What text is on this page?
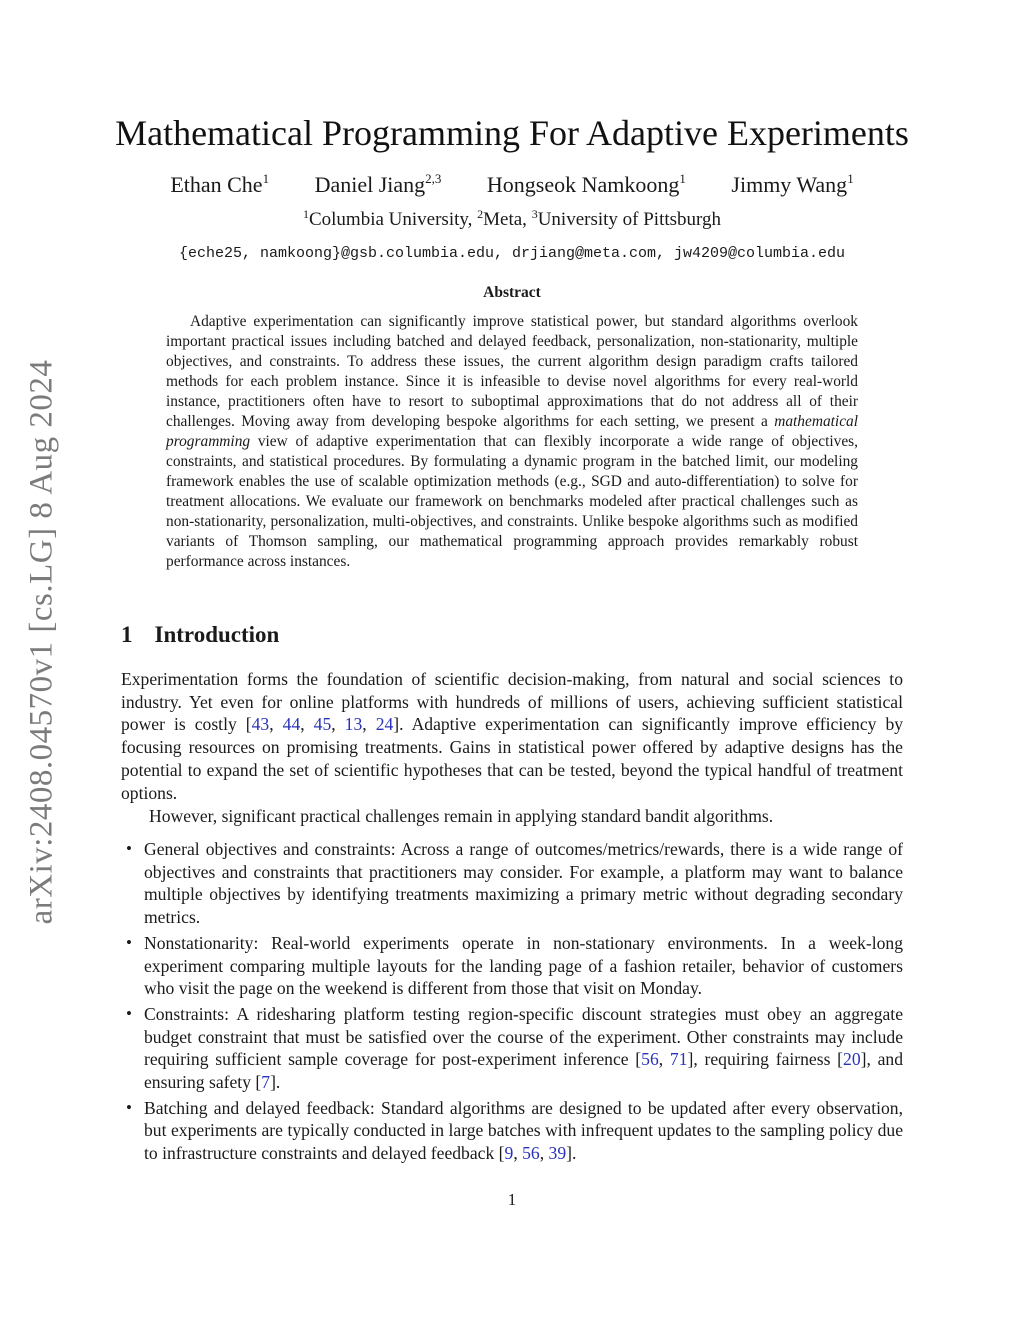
arXiv:2408.04570v1 [cs.LG] 8 Aug 2024
Mathematical Programming For Adaptive Experiments
Ethan Che$^1$ Daniel Jiang$^{2,3}$ Hongseok Namkoong$^1$ Jimmy Wang$^1$
$^1$Columbia University, $^2$Meta, $^3$University of Pittsburgh
{eche25, namkoong}@gsb.columbia.edu, drjiang@meta.com, jw4209@columbia.edu
Abstract

Adaptive experimentation can significantly improve statistical power, but standard algorithms overlook important practical issues including batched and delayed feedback, personalization, non-stationarity, multiple objectives, and constraints. To address these issues, the current algorithm design paradigm crafts tailored methods for each problem instance. Since it is infeasible to devise novel algorithms for every real-world instance, practitioners often have to resort to suboptimal approximations that do not address all of their challenges. Moving away from developing bespoke algorithms for each setting, we present a mathematical programming view of adaptive experimentation that can flexibly incorporate a wide range of objectives, constraints, and statistical procedures. By formulating a dynamic program in the batched limit, our modeling framework enables the use of scalable optimization methods (e.g., SGD and auto-differentiation) to solve for treatment allocations. We evaluate our framework on benchmarks modeled after practical challenges such as non-stationarity, personalization, multi-objectives, and constraints. Unlike bespoke algorithms such as modified variants of Thomson sampling, our mathematical programming approach provides remarkably robust performance across instances.

1 Introduction

Experimentation forms the foundation of scientific decision-making, from natural and social sciences to industry. Yet even for online platforms with hundreds of millions of users, achieving sufficient statistical power is costly [43, 44, 45, 13, 24]. Adaptive experimentation can significantly improve efficiency by focusing resources on promising treatments. Gains in statistical power offered by adaptive designs has the potential to expand the set of scientific hypotheses that can be tested, beyond the typical handful of treatment options.

However, significant practical challenges remain in applying standard bandit algorithms.

• General objectives and constraints: Across a range of outcomes/metrics/rewards, there is a wide range of objectives and constraints that practitioners may consider. For example, a platform may want to balance multiple objectives by identifying treatments maximizing a primary metric without degrading secondary metrics.
• Nonstationarity: Real-world experiments operate in non-stationary environments. In a week-long experiment comparing multiple layouts for the landing page of a fashion retailer, behavior of customers who visit the page on the weekend is different from those that visit on Monday.
• Constraints: A ridesharing platform testing region-specific discount strategies must obey an aggregate budget constraint that must be satisfied over the course of the experiment. Other constraints may include requiring sufficient sample coverage for post-experiment inference [56, 71], requiring fairness [20], and ensuring safety [7].
• Batching and delayed feedback: Standard algorithms are designed to be updated after every observation, but experiments are typically conducted in large batches with infrequent updates to the sampling policy due to infrastructure constraints and delayed feedback [9, 56, 39].
1
